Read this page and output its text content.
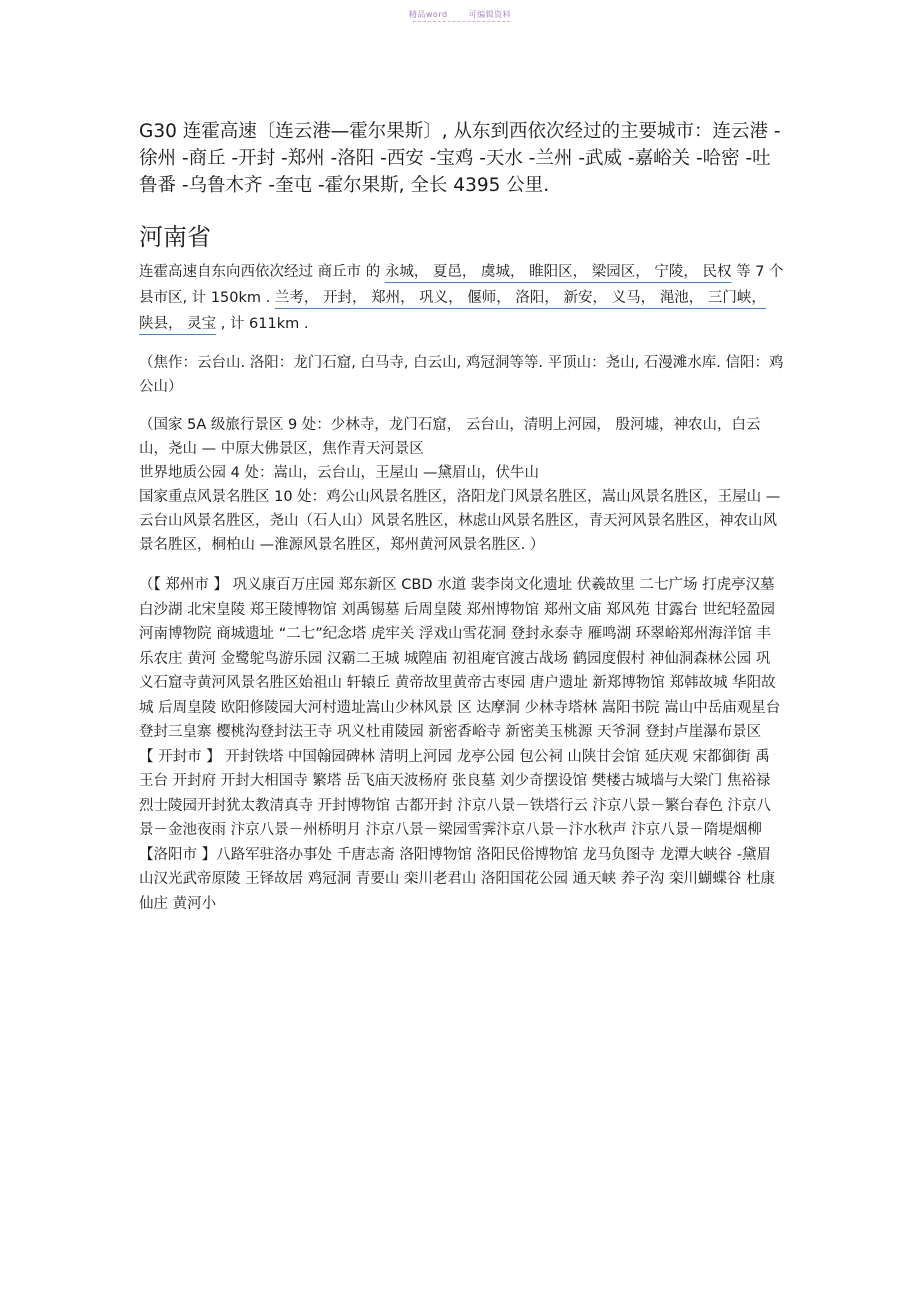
精品word	可编辑资料

G30 连霍高速〔连云港—霍尔果斯〕, 从东到西依次经过的主要城市：连云港 -徐州 -商丘 -开封 -郑州 -洛阳 -西安 -宝鸡 -天水 -兰州 -武威 -嘉峪关 -哈密 -吐鲁番 -乌鲁木齐 -奎屯 -霍尔果斯, 全长 4395 公里.

河南省

连霍高速自东向西依次经过 商丘市 的 永城， 夏邑， 虞城， 睢阳区， 梁园区， 宁陵， 民权 等 7 个县市区, 计 150km . 兰考， 开封， 郑州， 巩义， 偃师， 洛阳， 新安， 义马， 渑池， 三门峡， 陕县， 灵宝 , 计 611km .

（焦作：云台山. 洛阳：龙门石窟, 白马寺, 白云山, 鸡冠洞等等. 平顶山：尧山, 石漫滩水库. 信阳：鸡公山）

（国家 5A 级旅行景区 9 处：少林寺，龙门石窟， 云台山，清明上河园， 殷河墟，神农山，白云山，尧山 — 中原大佛景区，焦作青天河景区
世界地质公园 4 处：嵩山，云台山，王屋山 —黛眉山，伏牛山
国家重点风景名胜区 10 处：鸡公山风景名胜区，洛阳龙门风景名胜区，嵩山风景名胜区，王屋山 —云台山风景名胜区，尧山（石人山）风景名胜区，林虑山风景名胜区，青天河风景名胜区，神农山风景名胜区，桐柏山 —淮源风景名胜区，郑州黄河风景名胜区. ）

（【 郑州市 】 巩义康百万庄园 郑东新区 CBD 水道 裴李岗文化遗址 伏羲故里 二七广场 打虎亭汉墓 白沙湖 北宋皇陵 郑王陵博物馆 刘禹锡墓 后周皇陵 郑州博物馆 郑州文庙 郑风苑 甘露台 世纪轻盈园 河南博物院 商城遗址 “二七”纪念塔 虎牢关 浮戏山雪花洞 登封永泰寺 雁鸣湖 环翠峪郑州海洋馆 丰乐农庄 黄河 金鹭鸵鸟游乐园 汉霸二王城 城隍庙 初祖庵官渡古战场 鹤园度假村 神仙洞森林公园 巩义石窟寺黄河风景名胜区始祖山 轩辕丘 黄帝故里黄帝古枣园 唐户遗址 新郑博物馆 郑韩故城 华阳故城 后周皇陵 欧阳修陵园大河村遗址嵩山少林风景 区 达摩洞 少林寺塔林 嵩阳书院 嵩山中岳庙观星台 登封三皇寨 樱桃沟登封法王寺 巩义杜甫陵园 新密香峪寺 新密美玉桃源 天爷洞 登封卢崖瀑布景区

【 开封市 】 开封铁塔 中国翰园碑林 清明上河园 龙亭公园 包公祠 山陕甘会馆 延庆观 宋都御街 禹王台 开封府 开封大相国寺 繁塔 岳飞庙天波杨府 张良墓 刘少奇摆设馆 樊楼古城墙与大梁门 焦裕禄烈士陵园开封犹太教清真寺 开封博物馆 古都开封 汴京八景－铁塔行云 汴京八景－繁台春色 汴京八景－金池夜雨 汴京八景－州桥明月 汴京八景－梁园雪霁汴京八景－汴水秋声 汴京八景－隋堤烟柳

【洛阳市 】八路军驻洛办事处 千唐志斋 洛阳博物馆 洛阳民俗博物馆 龙马负图寺 龙潭大峡谷 -黛眉山汉光武帝原陵 王铎故居 鸡冠洞 青要山 栾川老君山 洛阳国花公园 通天峡 养子沟 栾川蝴蝶谷 杜康仙庄 黄河小
